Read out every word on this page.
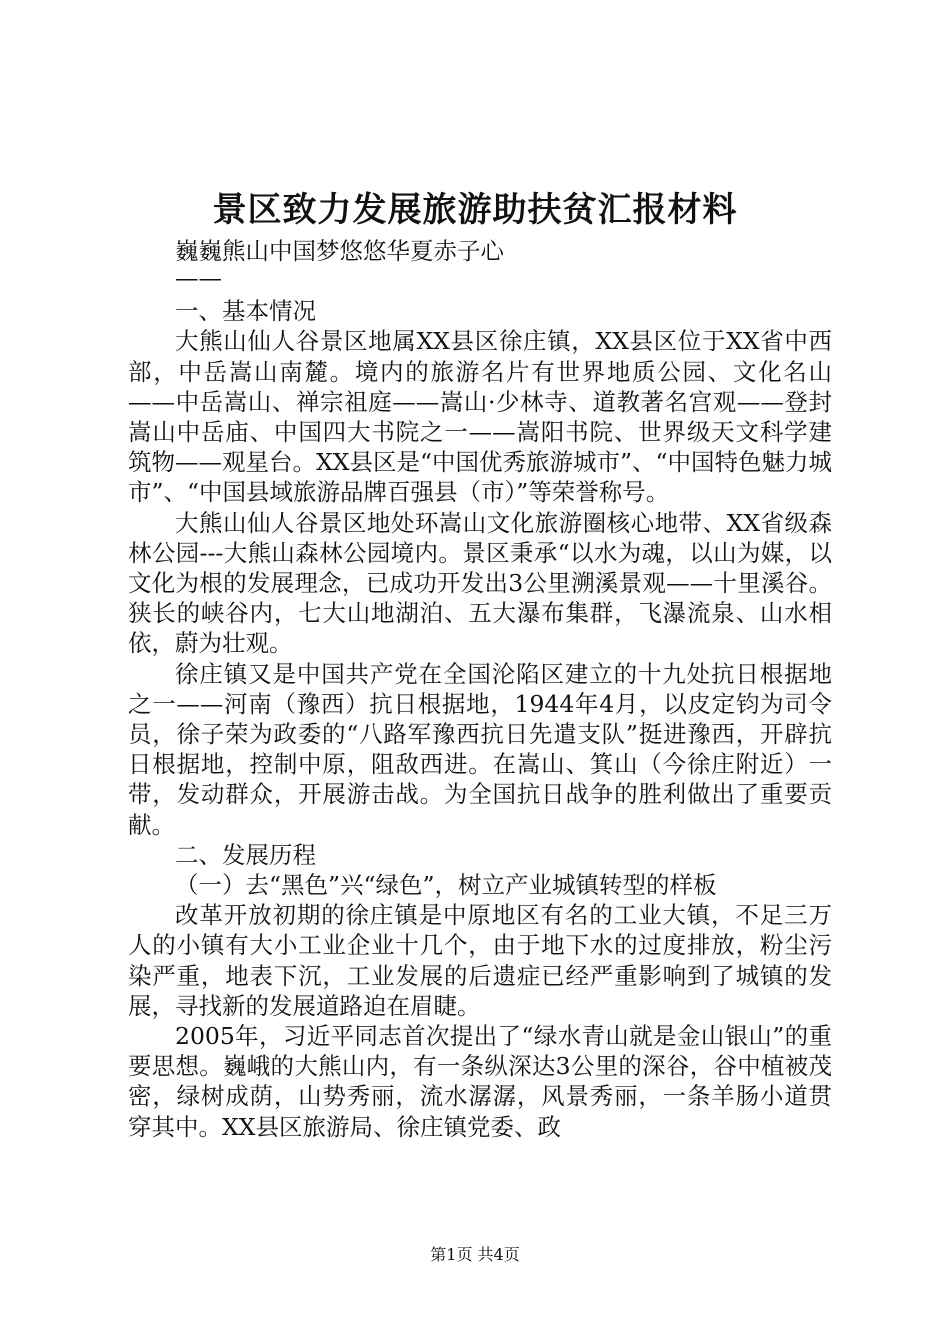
景区致力发展旅游助扶贫汇报材料

巍巍熊山中国梦悠悠华夏赤子心

——

一、基本情况

大熊山仙人谷景区地属XX县区徐庄镇，XX县区位于XX省中西部，中岳嵩山南麓。境内的旅游名片有世界地质公园、文化名山——中岳嵩山、禅宗祖庭——嵩山·少林寺、道教著名宫观——登封嵩山中岳庙、中国四大书院之一——嵩阳书院、世界级天文科学建筑物——观星台。XX县区是“中国优秀旅游城市”、“中国特色魅力城市”、“中国县域旅游品牌百强县（市）”等荣誉称号。

大熊山仙人谷景区地处环嵩山文化旅游圈核心地带、XX省级森林公园---大熊山森林公园境内。景区秉承“以水为魂，以山为媒，以文化为根的发展理念，已成功开发出3公里溯溪景观——十里溪谷。狭长的峡谷内，七大山地湖泊、五大瀑布集群，飞瀑流泉、山水相依，蔚为壮观。

徐庄镇又是中国共产党在全国沦陷区建立的十九处抗日根据地之一——河南（豫西）抗日根据地，1944年4月，以皮定钧为司令员，徐子荣为政委的“八路军豫西抗日先遣支队”挺进豫西，开辟抗日根据地，控制中原，阻敌西进。在嵩山、箕山（今徐庄附近）一带，发动群众，开展游击战。为全国抗日战争的胜利做出了重要贡献。

二、发展历程

（一）去“黑色”兴“绿色”，树立产业城镇转型的样板

改革开放初期的徐庄镇是中原地区有名的工业大镇，不足三万人的小镇有大小工业企业十几个，由于地下水的过度排放，粉尘污染严重，地表下沉，工业发展的后遗症已经严重影响到了城镇的发展，寻找新的发展道路迫在眉睫。

2005年，习近平同志首次提出了“绿水青山就是金山银山”的重要思想。巍峨的大熊山内，有一条纵深达3公里的深谷，谷中植被茂密，绿树成荫，山势秀丽，流水潺潺，风景秀丽，一条羊肠小道贯穿其中。XX县区旅游局、徐庄镇党委、政

第1页 共4页
